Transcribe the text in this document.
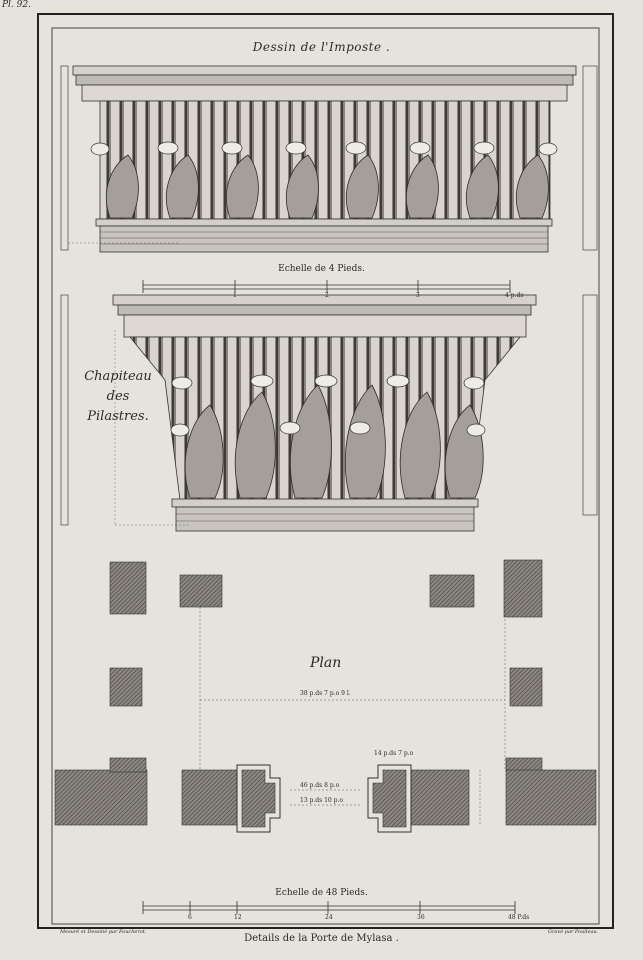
Pl. 92.
Dessin de l'Imposte .
Echelle de 4 Pieds.
1	2	3	4 p.ds
Chapiteau
des
Pilastres.
Plan
38 p.ds 7 p.o 9 l.
46 p.ds 8 p.o
13 p.ds 10 p.o
14 p.ds 7 p.o
Echelle de 48 Pieds.
6	12	24	36	48 P.ds
Mesuré et Dessiné par Foucherot.	Gravé par Poulleau.
Details de la Porte de Mylasa .
